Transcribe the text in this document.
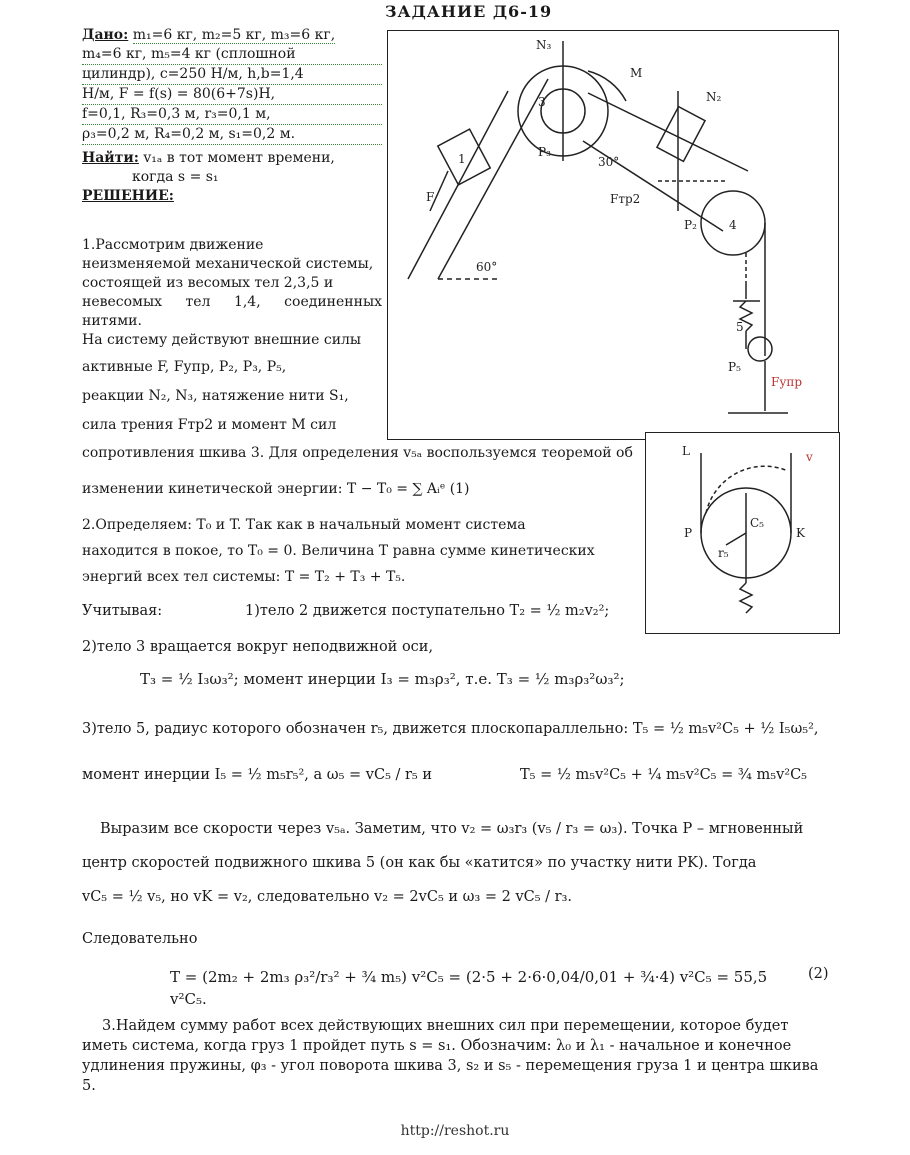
ЗАДАНИЕ Д6-19
Дано: m₁=6 кг, m₂=5 кг, m₃=6 кг,
m₄=6 кг, m₅=4 кг (сплошной
цилиндр), c=250 Н/м, h,b=1,4
Н/м, F = f(s) = 80(6+7s)Н,
f=0,1, R₃=0,3 м, r₃=0,1 м,
ρ₃=0,2 м, R₄=0,2 м, s₁=0,2 м.
Найти: v₁ₐ в тот момент времени,
когда s = s₁
РЕШЕНИЕ:
N₃
M
N₂
3
P₃
1
F
30°
Fтр2
P₂	4
60°
5
P₅
Fупр
L
K
P
C₅
r₅
v
1.Рассмотрим движение
неизменяемой механической системы,
состоящей из весомых тел 2,3,5 и
невесомых тел 1,4, соединенных нитями.
На систему действуют внешние силы
активные F, Fупр, P₂, P₃, P₅,
реакции N₂, N₃, натяжение нити S₁,
сила трения Fтр2 и момент M сил
сопротивления шкива 3. Для определения v₅ₐ воспользуемся теоремой об
изменении кинетической энергии: T − T₀ = ∑ Aᵢᵉ (1)
2.Определяем: T₀ и T. Так как в начальный момент система
находится в покое, то T₀ = 0. Величина T равна сумме кинетических
энергий всех тел системы: T = T₂ + T₃ + T₅.
Учитывая:	1)тело 2 движется поступательно T₂ = ½ m₂v₂²;
2)тело 3 вращается вокруг неподвижной оси,
T₃ = ½ I₃ω₃²; момент инерции I₃ = m₃ρ₃², т.е. T₃ = ½ m₃ρ₃²ω₃²;
3)тело 5, радиус которого обозначен r₅, движется плоскопараллельно: T₅ = ½ m₅v²C₅ + ½ I₅ω₅²,
момент инерции I₅ = ½ m₅r₅², а ω₅ = vC₅ / r₅ и	T₅ = ½ m₅v²C₅ + ¼ m₅v²C₅ = ¾ m₅v²C₅
Выразим все скорости через v₅ₐ. Заметим, что v₂ = ω₃r₃ (v₅ / r₃ = ω₃). Точка P – мгновенный
центр скоростей подвижного шкива 5 (он как бы «катится» по участку нити PK). Тогда
vC₅ = ½ v₅, но vK = v₂, следовательно v₂ = 2vC₅ и ω₃ = 2 vC₅ / r₃.
Следовательно
T = (2m₂ + 2m₃ ρ₃²/r₃² + ¾ m₅) v²C₅ = (2·5 + 2·6·0,04/0,01 + ¾·4) v²C₅ = 55,5 v²C₅.
(2)
3.Найдем сумму работ всех действующих внешних сил при перемещении, которое будет
иметь система, когда груз 1 пройдет путь s = s₁. Обозначим: λ₀ и λ₁ - начальное и конечное
удлинения пружины, φ₃ - угол поворота шкива 3, s₂ и s₅ - перемещения груза 1 и центра шкива
5.
http://reshot.ru
